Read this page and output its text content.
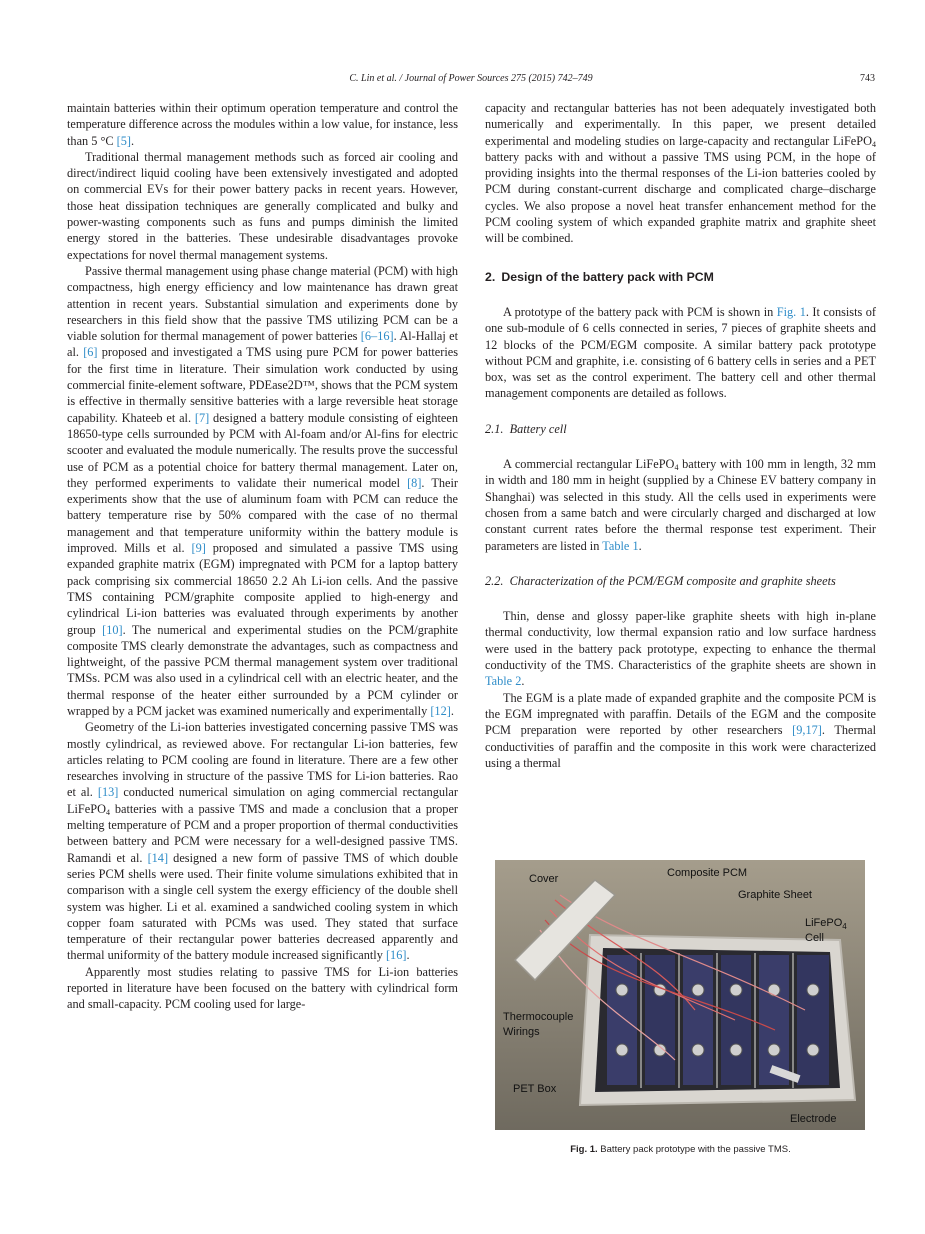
C. Lin et al. / Journal of Power Sources 275 (2015) 742–749	743

maintain batteries within their optimum operation temperature and control the temperature difference across the modules within a low value, for instance, less than 5 °C [5].

Traditional thermal management methods such as forced air cooling and direct/indirect liquid cooling have been extensively investigated and adopted on commercial EVs for their power battery packs in recent years. However, those heat dissipation techniques are generally complicated and bulky and power-wasting components such as funs and pumps diminish the limited energy stored in the batteries. These undesirable disadvantages provoke expectations for novel thermal management systems.

Passive thermal management using phase change material (PCM) with high compactness, high energy efficiency and low maintenance has drawn great attention in recent years. Substantial simulation and experiments done by researchers in this field show that the passive TMS utilizing PCM can be a viable solution for thermal management of power batteries [6–16]. Al-Hallaj et al. [6] proposed and investigated a TMS using pure PCM for power batteries for the first time in literature. Their simulation work conducted by using commercial finite-element software, PDEase2D™, shows that the PCM system is effective in thermally sensitive batteries with a large reversible heat storage capability. Khateeb et al. [7] designed a battery module consisting of eighteen 18650-type cells surrounded by PCM with Al-foam and/or Al-fins for electric scooter and evaluated the module numerically. The results prove the successful use of PCM as a potential choice for battery thermal management. Later on, they performed experiments to validate their numerical model [8]. Their experiments show that the use of aluminum foam with PCM can reduce the battery temperature rise by 50% compared with the case of no thermal management and that temperature uniformity within the battery module is improved. Mills et al. [9] proposed and simulated a passive TMS using expanded graphite matrix (EGM) impregnated with PCM for a laptop battery pack comprising six commercial 18650 2.2 Ah Li-ion cells. And the passive TMS containing PCM/graphite composite applied to high-energy and cylindrical Li-ion batteries was evaluated through experiments by another group [10]. The numerical and experimental studies on the PCM/graphite composite TMS clearly demonstrate the advantages, such as compactness and lightweight, of the passive PCM thermal management system over traditional TMSs. PCM was also used in a cylindrical cell with an electric heater, and the thermal response of the heater either surrounded by a PCM cylinder or wrapped by a PCM jacket was examined numerically and experimentally [12].

Geometry of the Li-ion batteries investigated concerning passive TMS was mostly cylindrical, as reviewed above. For rectangular Li-ion batteries, few articles relating to PCM cooling are found in literature. There are a few other researches involving in structure of the passive TMS for Li-ion batteries. Rao et al. [13] conducted numerical simulation on aging commercial rectangular LiFePO$_4$ batteries with a passive TMS and made a conclusion that a proper melting temperature of PCM and a proper proportion of thermal conductivities between battery and PCM were necessary for a well-designed passive TMS. Ramandi et al. [14] designed a new form of passive TMS of which double series PCM shells were used. Their finite volume simulations exhibited that in comparison with a single cell system the exergy efficiency of the double shell system was higher. Li et al. examined a sandwiched cooling system in which copper foam saturated with PCMs was used. They stated that surface temperature of their rectangular power batteries decreased apparently and thermal uniformity of the battery module increased significantly [16].

Apparently most studies relating to passive TMS for Li-ion batteries reported in literature have been focused on the battery with cylindrical form and small-capacity. PCM cooling used for large-

capacity and rectangular batteries has not been adequately investigated both numerically and experimentally. In this paper, we present detailed experimental and modeling studies on large-capacity and rectangular LiFePO$_4$ battery packs with and without a passive TMS using PCM, in the hope of providing insights into the thermal responses of the Li-ion batteries cooled by PCM during constant-current discharge and complicated charge–discharge cycles. We also propose a novel heat transfer enhancement method for the PCM cooling system of which expanded graphite matrix and graphite sheet will be combined.

2. Design of the battery pack with PCM

A prototype of the battery pack with PCM is shown in Fig. 1. It consists of one sub-module of 6 cells connected in series, 7 pieces of graphite sheets and 12 blocks of the PCM/EGM composite. A similar battery pack prototype without PCM and graphite, i.e. consisting of 6 battery cells in series and a PET box, was set as the control experiment. The battery cell and other thermal management components are detailed as follows.

2.1. Battery cell

A commercial rectangular LiFePO$_4$ battery with 100 mm in length, 32 mm in width and 180 mm in height (supplied by a Chinese EV battery company in Shanghai) was selected in this study. All the cells used in experiments were chosen from a same batch and were circularly charged and discharged at low constant current rates before the thermal response test experiment. Their parameters are listed in Table 1.

2.2. Characterization of the PCM/EGM composite and graphite sheets

Thin, dense and glossy paper-like graphite sheets with high in-plane thermal conductivity, low thermal expansion ratio and low surface hardness were used in the battery pack prototype, expecting to enhance the thermal conductivity of the TMS. Characteristics of the graphite sheets are shown in Table 2.

The EGM is a plate made of expanded graphite and the composite PCM is the EGM impregnated with paraffin. Details of the EGM and the composite PCM preparation were reported by other researchers [9,17]. Thermal conductivities of paraffin and the composite in this work were characterized using a thermal

Cover	Composite PCM
Graphite Sheet
LiFePO$_4$
Cell
Thermocouple
Wirings
PET Box
Electrode
Fig. 1. Battery pack prototype with the passive TMS.
